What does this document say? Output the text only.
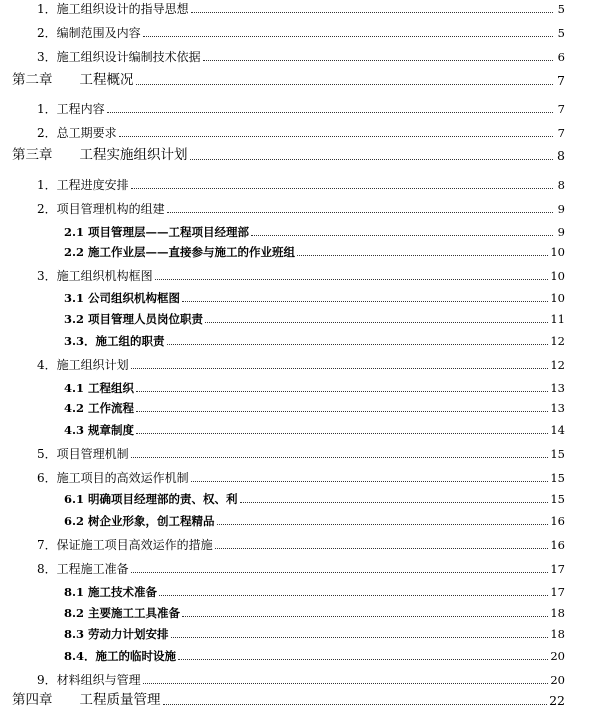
1．施工组织设计的指导思想	5
2．编制范围及内容	5
3．施工组织设计编制技术依据	6
第二章　　工程概况	7
1．工程内容	7
2．总工期要求	7
第三章　　工程实施组织计划	8
1．工程进度安排	8
2．项目管理机构的组建	9
2.1 项目管理层——工程项目经理部	9
2.2 施工作业层——直接参与施工的作业班组	10
3．施工组织机构框图	10
3.1 公司组织机构框图	10
3.2 项目管理人员岗位职责	11
3.3．施工组的职责	12
4．施工组织计划	12
4.1 工程组织	13
4.2 工作流程	13
4.3 规章制度	14
5．项目管理机制	15
6．施工项目的高效运作机制	15
6.1 明确项目经理部的责、权、利	15
6.2 树企业形象，创工程精品	16
7．保证施工项目高效运作的措施	16
8．工程施工准备	17
8.1 施工技术准备	17
8.2 主要施工工具准备	18
8.3 劳动力计划安排	18
8.4．施工的临时设施	20
9．材料组织与管理	20
第四章　　工程质量管理	22
